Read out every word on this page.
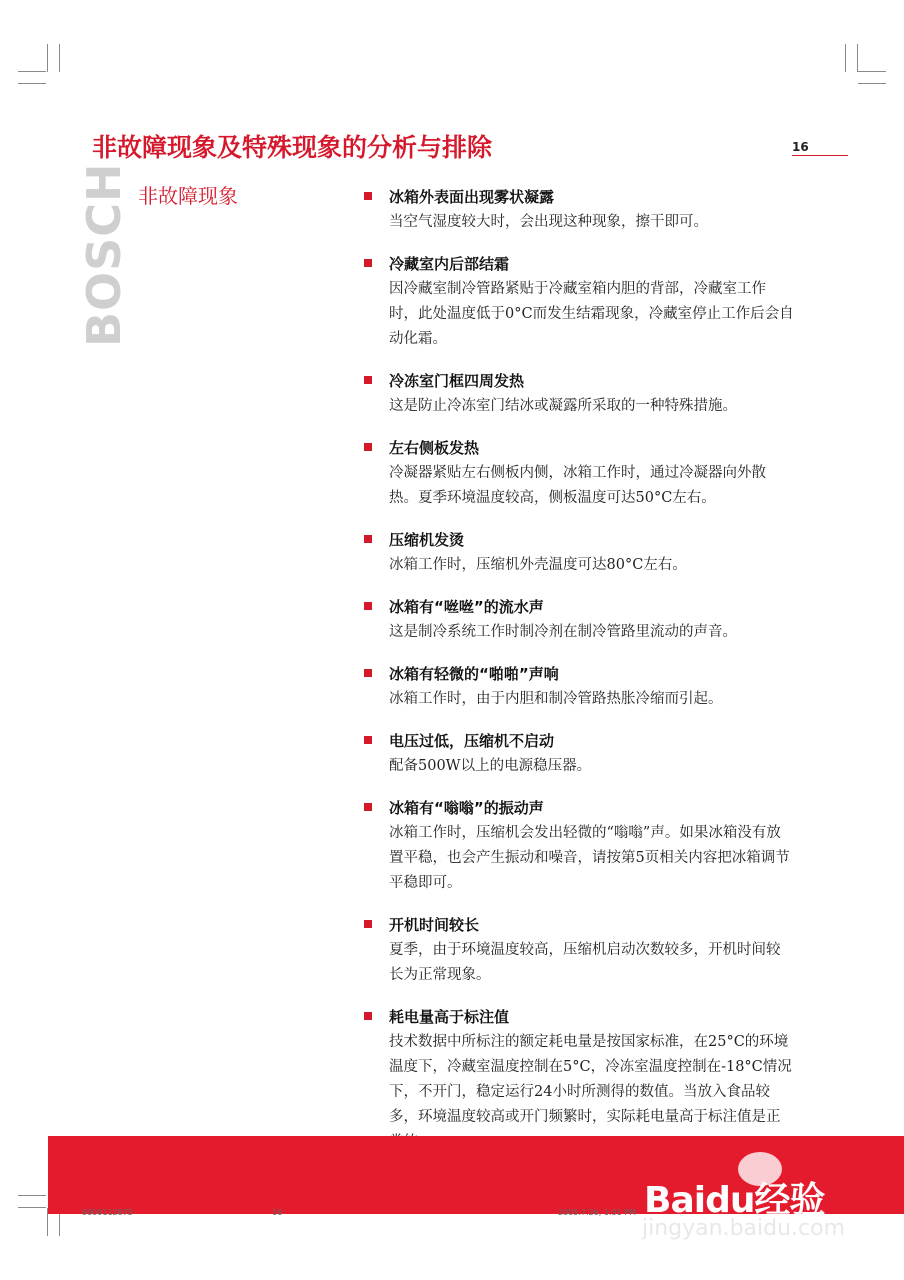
非故障现象及特殊现象的分析与排除	16
BOSCH 非故障现象	冰箱外表面出现雾状凝露
当空气湿度较大时，会出现这种现象，擦干即可。
冷藏室内后部结霜
因冷藏室制冷管路紧贴于冷藏室箱内胆的背部，冷藏室工作时，此处温度低于0°C而发生结霜现象，冷藏室停止工作后会自动化霜。
冷冻室门框四周发热
这是防止冷冻室门结冰或凝露所采取的一种特殊措施。
左右侧板发热
冷凝器紧贴左右侧板内侧，冰箱工作时，通过冷凝器向外散热。夏季环境温度较高，侧板温度可达50°C左右。
压缩机发烫
冰箱工作时，压缩机外壳温度可达80°C左右。
冰箱有“咝咝”的流水声
这是制冷系统工作时制冷剂在制冷管路里流动的声音。
冰箱有轻微的“啪啪”声响
冰箱工作时，由于内胆和制冷管路热胀冷缩而引起。
电压过低，压缩机不启动
配备500W以上的电源稳压器。
冰箱有“嗡嗡”的振动声
冰箱工作时，压缩机会发出轻微的“嗡嗡”声。如果冰箱没有放置平稳，也会产生振动和噪音，请按第5页相关内容把冰箱调节平稳即可。
开机时间较长
夏季，由于环境温度较高，压缩机启动次数较多，开机时间较长为正常现象。
耗电量高于标注值
技术数据中所标注的额定耗电量是按国家标准，在25°C的环境温度下，冷藏室温度控制在5°C，冷冻室温度控制在-18°C情况下，不开门，稳定运行24小时所测得的数值。当放入食品较多，环境温度较高或开门频繁时，实际耗电量高于标注值是正
9000112875	16	2005.7.26, 1:51 PM Baidu经验
jingyan.baidu.com
